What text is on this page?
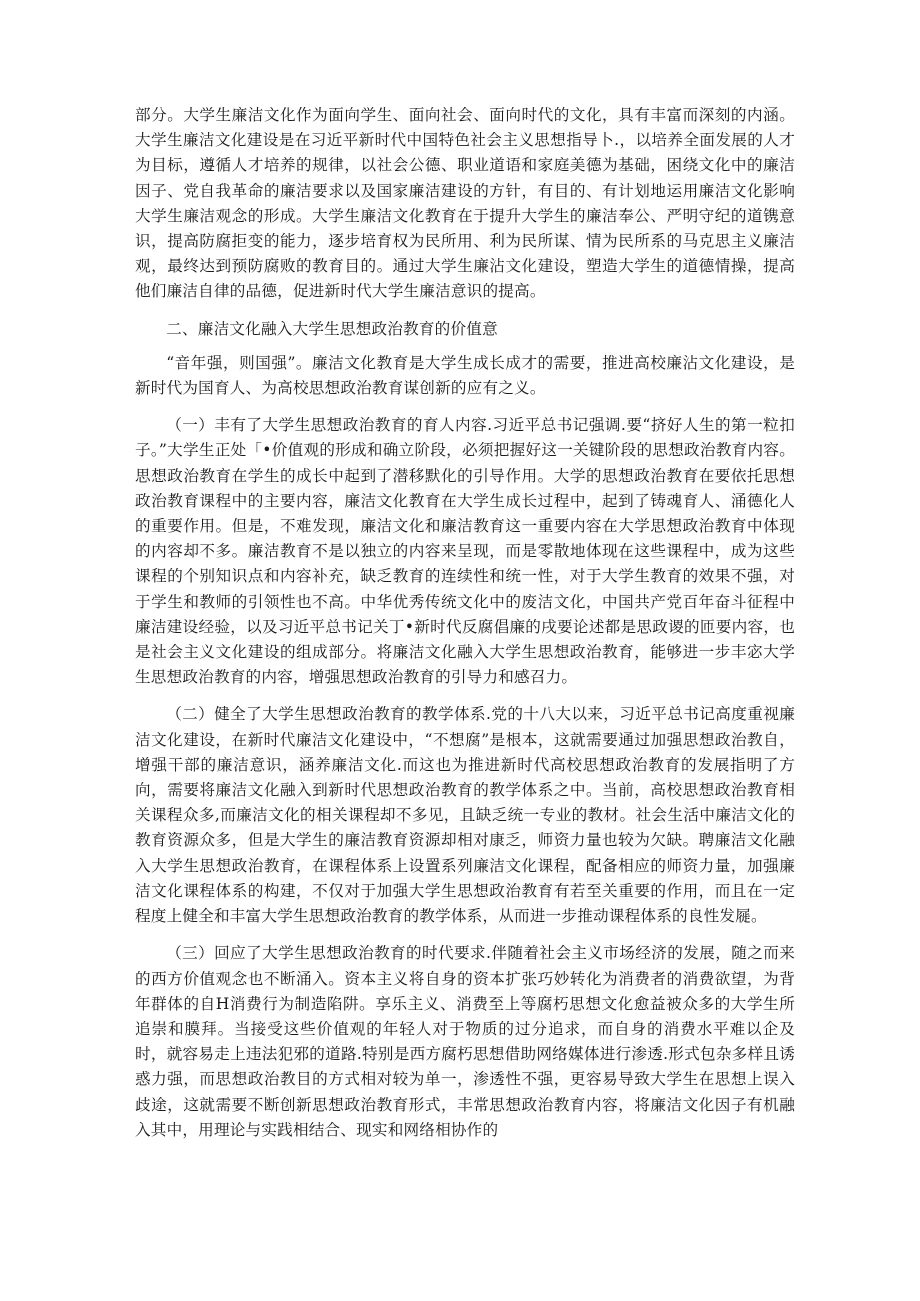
部分。大学生廉洁文化作为面向学生、面向社会、面向时代的文化，具有丰富而深刻的内涵。大学生廉洁文化建设是在习近平新时代中国特色社会主义思想指导卜.，以培养全面发展的人才为目标，遵循人才培养的规律，以社会公德、职业道语和家庭美德为基础，困绕文化中的廉洁因子、党自我革命的廉洁要求以及国家廉洁建设的方针，有目的、有计划地运用廉洁文化影响大学生廉洁观念的形成。大学生廉洁文化教育在于提升大学生的廉洁奉公、严明守纪的道镌意识，提高防腐拒变的能力，逐步培育权为民所用、利为民所谋、情为民所系的马克思主义廉洁观，最终达到预防腐败的教育目的。通过大学生廉沾文化建设，塑造大学生的道德情操，提高他们廉洁自律的品德，促进新时代大学生廉洁意识的提高。

二、廉洁文化融入大学生思想政治教育的价值意

“音年强，则国强”。廉洁文化教育是大学生成长成才的需要，推进高校廉沾文化建设，是新时代为国育人、为高校思想政治教育谋创新的应有之义。

（一）丰有了大学生思想政治教育的育人内容.习近平总书记强调.要“挤好人生的第一粒扣子。”大学生正处「•价值观的形成和确立阶段，必须把握好这一关键阶段的思想政治教育内容。思想政治教育在学生的成长中起到了潜移默化的引导作用。大学的思想政治教育在要依托思想政治教育课程中的主要内容，廉洁文化教育在大学生成长过程中，起到了铸魂育人、涌德化人的重要作用。但是，不难发现，廉洁文化和廉洁教育这一重要内容在大学思想政治教育中体现的内容却不多。廉洁教育不是以独立的内容来呈现，而是零散地体现在这些课程中，成为这些课程的个别知识点和内容补充，缺乏教育的连续性和统一性，对于大学生教育的效果不强，对于学生和教师的引领性也不高。中华优秀传统文化中的废洁文化，中国共产党百年奋斗征程中廉洁建设经验，以及习近平总书记关丁•新时代反腐倡廉的戌要论述都是思政谡的匝要内容，也是社会主义文化建设的组成部分。将廉洁文化融入大学生思想政治教育，能够进一步丰宓大学生思想政治教育的内容，增强思想政治教育的引导力和感召力。

（二）健全了大学生思想政治教育的教学体系.党的十八大以来，习近平总书记高度重视廉洁文化建设，在新时代廉洁文化建设中，“不想腐”是根本，这就需要通过加强思想政治教自，增强干部的廉洁意识，涵养廉洁文化.而这也为推进新时代高校思想政治教育的发展指明了方向，需要将廉洁文化融入到新时代思想政治教育的教学体系之中。当前，高校思想政治教育相关课程众多,而廉洁文化的相关课程却不多见，且缺乏统一专业的教材。社会生活中廉洁文化的教育资源众多，但是大学生的廉洁教育资源却相对康乏，师资力量也较为欠缺。聘廉洁文化融入大学生思想政治教育，在课程体系上设置系列廉洁文化课程，配备相应的师资力量，加强廉洁文化课程体系的构建，不仅对于加强大学生思想政治教育有若至关重要的作用，而且在一定程度上健全和丰富大学生思想政治教育的教学体系，从而进一步推动课程体系的良性发屣。

（三）回应了大学生思想政治教育的时代要求.伴随着社会主义市场经济的发展，随之而来的西方价值观念也不断涌入。资本主义将自身的资本扩张巧妙转化为消费者的消费欲望，为背年群体的自H消费行为制造陷阱。享乐主义、消费至上等腐朽思想文化愈益被众多的大学生所追崇和膜拜。当接受这些价值观的年轻人对于物质的过分追求，而自身的消费水平难以企及时，就容易走上违法犯邪的道路.特别是西方腐朽思想借助网络媒体进行渗透.形式包杂多样且诱惑力强，而思想政治教目的方式相对较为单一，渗透性不强，更容易导致大学生在思想上误入歧途，这就需要不断创新思想政治教育形式，丰常思想政治教育内容，将廉洁文化因子有机融入其中，用理论与实践相结合、现实和网络相协作的
